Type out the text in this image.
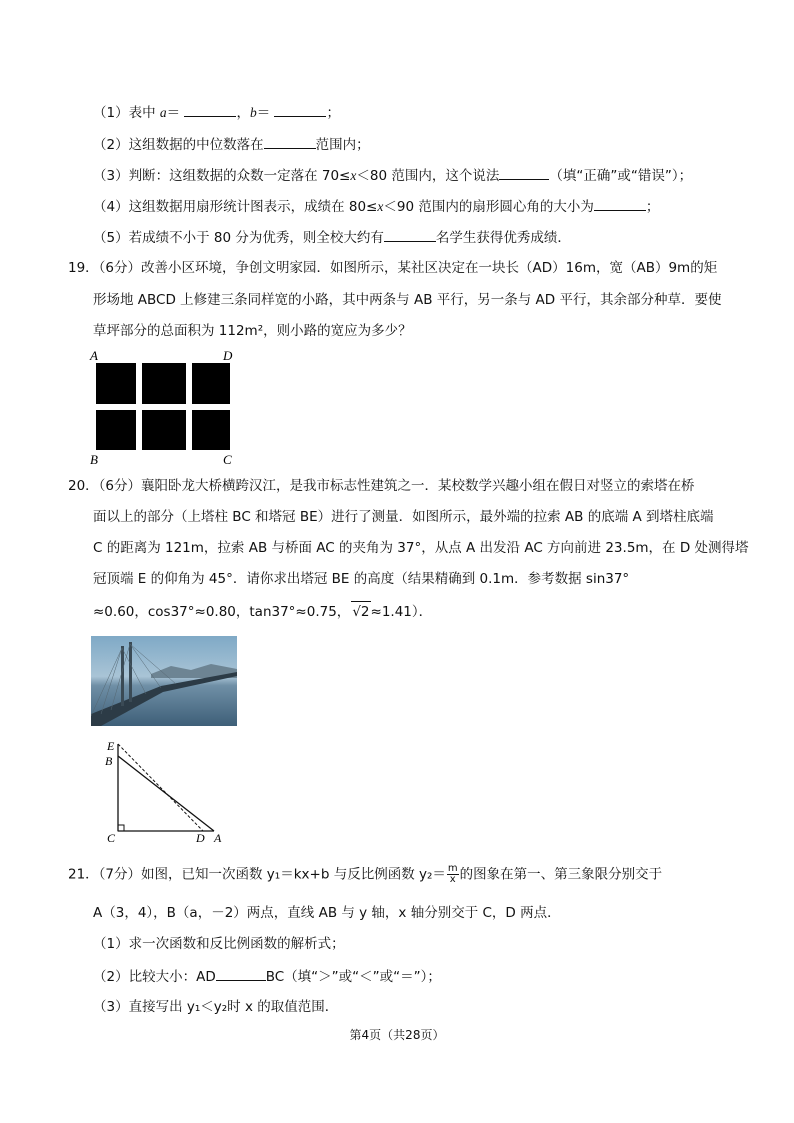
（1）表中 a＝	，b＝	；
（2）这组数据的中位数落在	范围内；
（3）判断：这组数据的众数一定落在 70≤x＜80 范围内，这个说法	（填“正确”或“错误”）；
（4）这组数据用扇形统计图表示，成绩在 80≤x＜90 范围内的扇形圆心角的大小为	；
（5）若成绩不小于 80 分为优秀，则全校大约有	名学生获得优秀成绩．
19．（6分）改善小区环境，争创文明家园．如图所示，某社区决定在一块长（AD）16m，宽（AB）9m的矩
形场地 ABCD 上修建三条同样宽的小路，其中两条与 AB 平行，另一条与 AD 平行，其余部分种草．要使
草坪部分的总面积为 112m²，则小路的宽应为多少？
A	D
B	C
20．（6分）襄阳卧龙大桥横跨汉江，是我市标志性建筑之一．某校数学兴趣小组在假日对竖立的索塔在桥
面以上的部分（上塔柱 BC 和塔冠 BE）进行了测量．如图所示，最外端的拉索 AB 的底端 A 到塔柱底端
C 的距离为 121m，拉索 AB 与桥面 AC 的夹角为 37°，从点 A 出发沿 AC 方向前进 23.5m，在 D 处测得塔
冠顶端 E 的仰角为 45°．请你求出塔冠 BE 的高度（结果精确到 0.1m．参考数据 sin37°
≈0.60，cos37°≈0.80，tan37°≈0.75， √2≈1.41）．
E
B
C	D A
21．（7分）如图，已知一次函数 y₁＝kx+b 与反比例函数 $y_2= \frac{m}{x}$ 的图象在第一、第三象限分别交于
A（3，4），B（a，－2）两点，直线 AB 与 y 轴，x 轴分别交于 C，D 两点．
（1）求一次函数和反比例函数的解析式；
（2）比较大小：AD	BC（填“＞”或“＜”或“＝”）；
（3）直接写出 y₁＜y₂时 x 的取值范围．
第4页（共28页）
